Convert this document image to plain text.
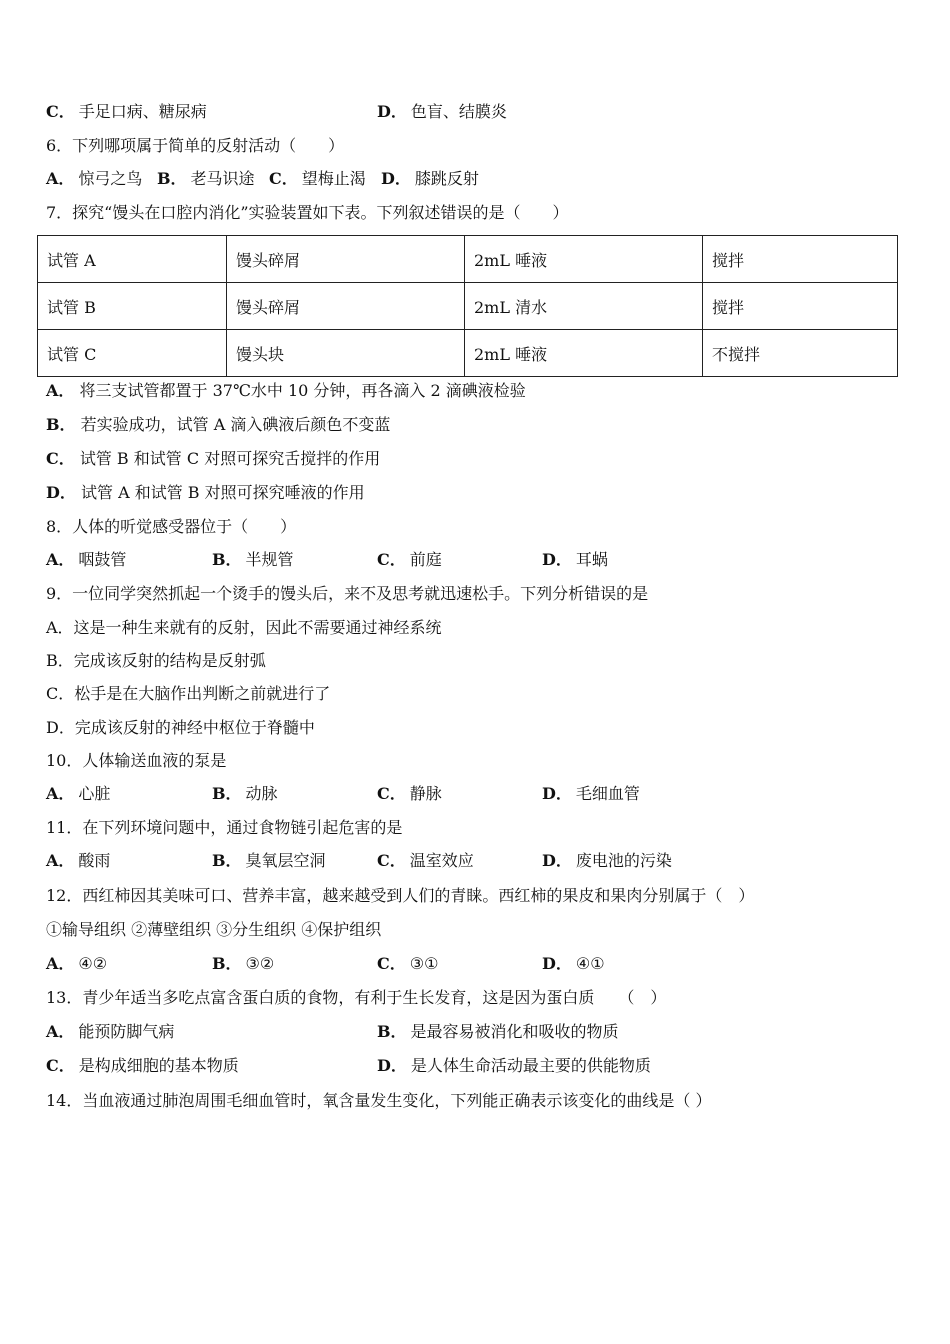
C． 手足口病、糖尿病	D． 色盲、结膜炎
6．下列哪项属于简单的反射活动（　　）
A． 惊弓之鸟 B． 老马识途 C． 望梅止渴 D． 膝跳反射
7．探究“馒头在口腔内消化”实验装置如下表。下列叙述错误的是（　　）
试管 A	馒头碎屑	2mL 唾液	搅拌
试管 B	馒头碎屑	2mL 清水	搅拌
试管 C	馒头块	2mL 唾液	不搅拌
A． 将三支试管都置于 37℃水中 10 分钟，再各滴入 2 滴碘液检验
B． 若实验成功，试管 A 滴入碘液后颜色不变蓝
C． 试管 B 和试管 C 对照可探究舌搅拌的作用
D． 试管 A 和试管 B 对照可探究唾液的作用
8．人体的听觉感受器位于（　　）
A． 咽鼓管	B． 半规管	C． 前庭	D． 耳蜗
9．一位同学突然抓起一个烫手的馒头后，来不及思考就迅速松手。下列分析错误的是
A．这是一种生来就有的反射，因此不需要通过神经系统
B．完成该反射的结构是反射弧
C．松手是在大脑作出判断之前就进行了
D．完成该反射的神经中枢位于脊髓中
10．人体输送血液的泵是
A． 心脏	B． 动脉	C． 静脉	D． 毛细血管
11．在下列环境问题中，通过食物链引起危害的是
A． 酸雨	B． 臭氧层空洞	C． 温室效应	D． 废电池的污染
12．西红柿因其美味可口、营养丰富，越来越受到人们的青睐。西红柿的果皮和果肉分别属于（　）
①输导组织 ②薄壁组织 ③分生组织 ④保护组织
A． ④②	B． ③②	C． ③①	D． ④①
13．青少年适当多吃点富含蛋白质的食物，有利于生长发育，这是因为蛋白质　　（　）
A． 能预防脚气病	B． 是最容易被消化和吸收的物质
C． 是构成细胞的基本物质	D． 是人体生命活动最主要的供能物质
14．当血液通过肺泡周围毛细血管时，氧含量发生变化，下列能正确表示该变化的曲线是（ ）
